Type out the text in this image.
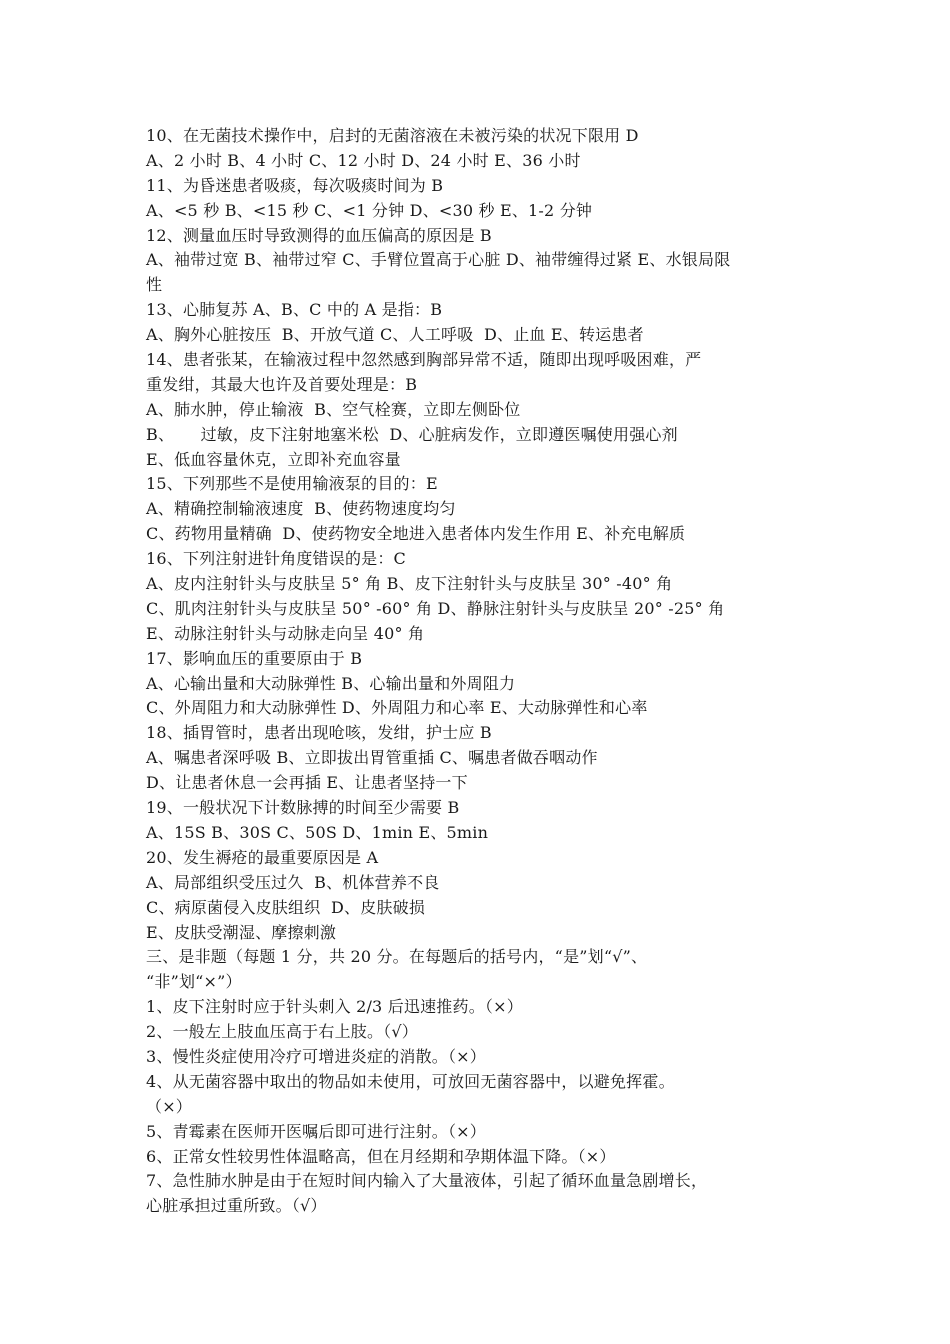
10、在无菌技术操作中，启封的无菌溶液在未被污染的状况下限用 D
A、2 小时 B、4 小时 C、12 小时 D、24 小时 E、36 小时
11、为昏迷患者吸痰，每次吸痰时间为 B
A、<5 秒 B、<15 秒 C、<1 分钟 D、<30 秒 E、1-2 分钟
12、测量血压时导致测得的血压偏高的原因是 B
A、袖带过宽 B、袖带过窄 C、手臂位置高于心脏 D、袖带缠得过紧 E、水银局限
性
13、心肺复苏 A、B、C 中的 A 是指：B
A、胸外心脏按压  B、开放气道 C、人工呼吸  D、止血 E、转运患者
14、患者张某，在输液过程中忽然感到胸部异常不适，随即出现呼吸困难，严
重发绀，其最大也许及首要处理是：B
A、肺水肿，停止输液  B、空气栓赛，立即左侧卧位
B、     过敏，皮下注射地塞米松  D、心脏病发作，立即遵医嘱使用强心剂
E、低血容量休克，立即补充血容量
15、下列那些不是使用输液泵的目的：E
A、精确控制输液速度  B、使药物速度均匀
C、药物用量精确  D、使药物安全地进入患者体内发生作用 E、补充电解质
16、下列注射进针角度错误的是：C
A、皮内注射针头与皮肤呈 5° 角 B、皮下注射针头与皮肤呈 30° -40° 角
C、肌肉注射针头与皮肤呈 50° -60° 角 D、静脉注射针头与皮肤呈 20° -25° 角
E、动脉注射针头与动脉走向呈 40° 角
17、影响血压的重要原由于 B
A、心输出量和大动脉弹性 B、心输出量和外周阻力
C、外周阻力和大动脉弹性 D、外周阻力和心率 E、大动脉弹性和心率
18、插胃管时，患者出现呛咳，发绀，护士应 B
A、嘱患者深呼吸 B、立即拔出胃管重插 C、嘱患者做吞咽动作
D、让患者休息一会再插 E、让患者坚持一下
19、一般状况下计数脉搏的时间至少需要 B
A、15S B、30S C、50S D、1min E、5min
20、发生褥疮的最重要原因是 A
A、局部组织受压过久  B、机体营养不良
C、病原菌侵入皮肤组织  D、皮肤破损
E、皮肤受潮湿、摩擦刺激
三、是非题（每题 1 分，共 20 分。在每题后的括号内，“是”划“√”、
“非”划“×”）
1、皮下注射时应于针头刺入 2/3 后迅速推药。（×）
2、一般左上肢血压高于右上肢。（√）
3、慢性炎症使用冷疗可增进炎症的消散。（×）
4、从无菌容器中取出的物品如未使用，可放回无菌容器中，以避免挥霍。
（×）
5、青霉素在医师开医嘱后即可进行注射。（×）
6、正常女性较男性体温略高，但在月经期和孕期体温下降。（×）
7、急性肺水肿是由于在短时间内输入了大量液体，引起了循环血量急剧增长，
心脏承担过重所致。（√）
